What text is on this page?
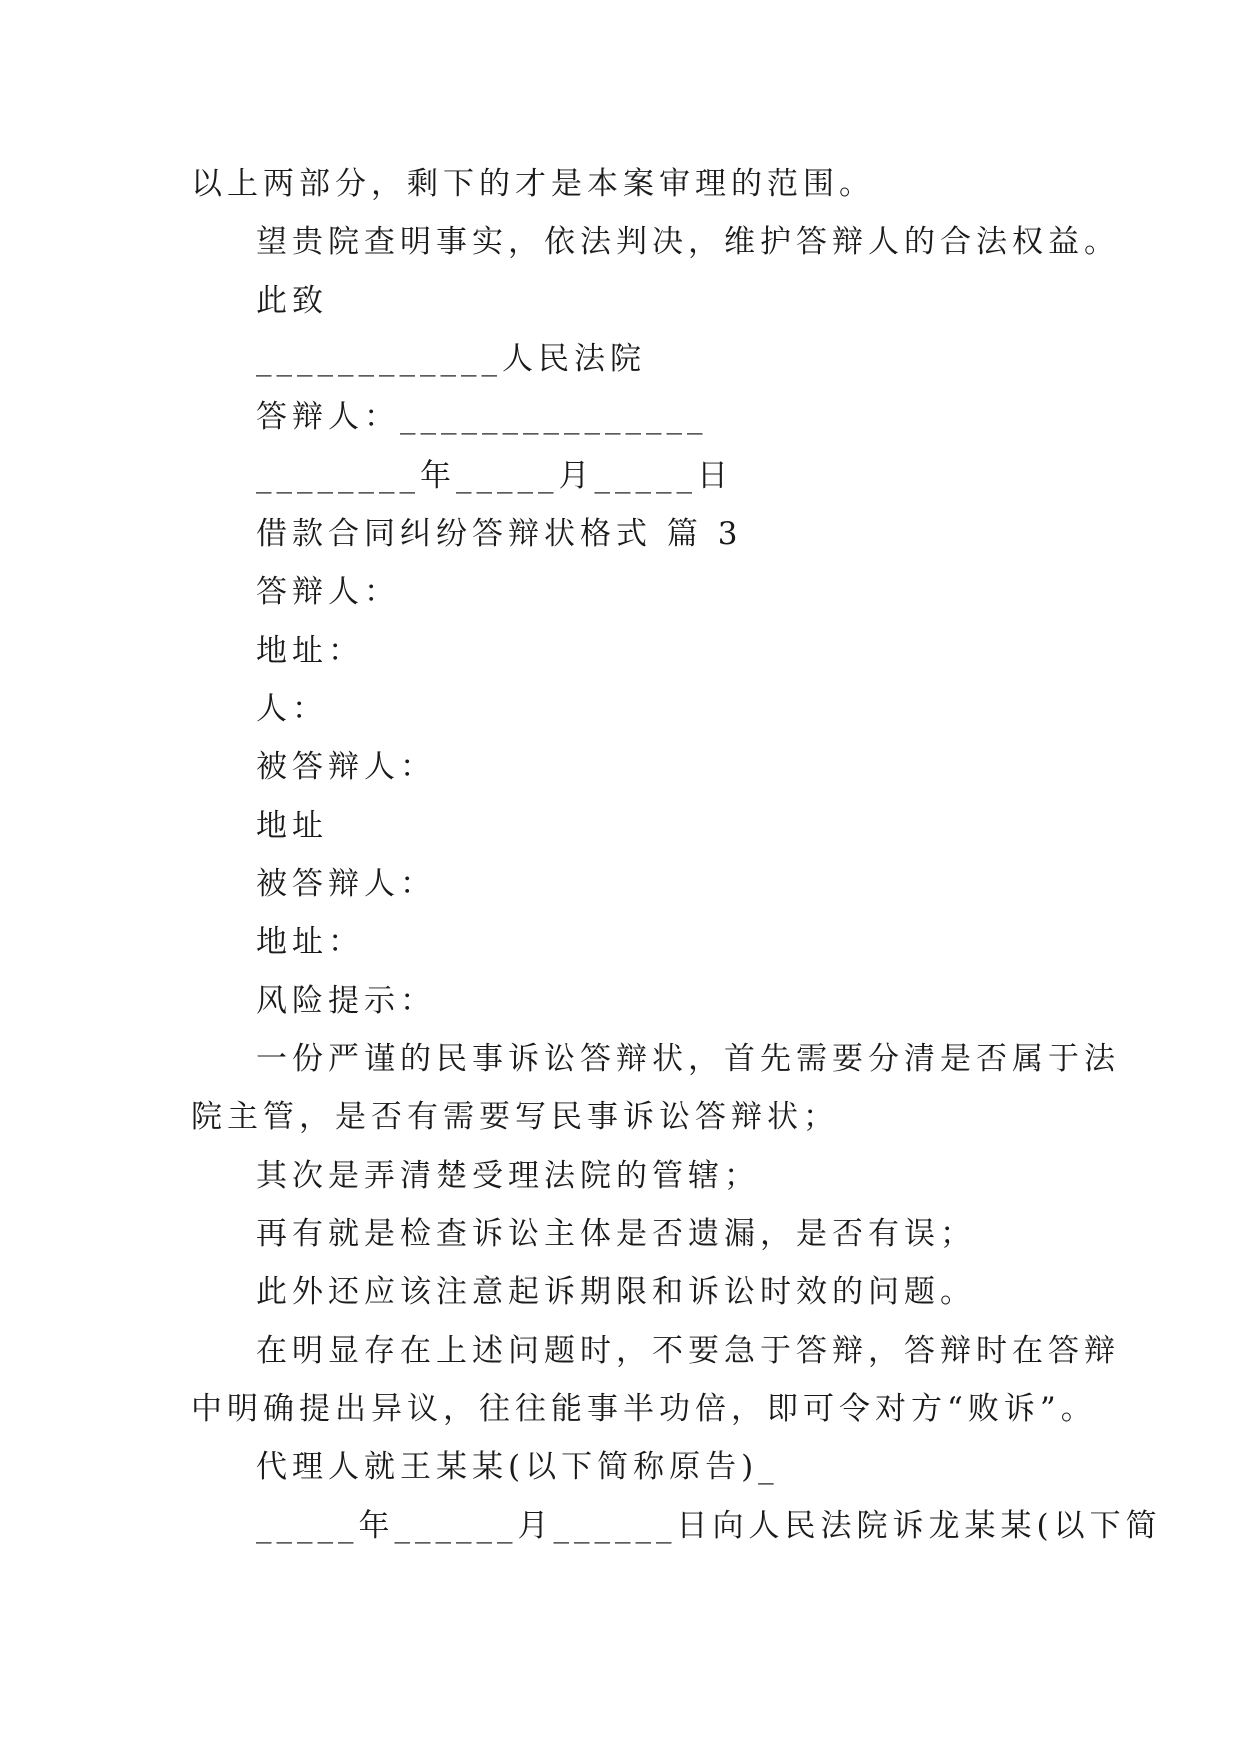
以上两部分，剩下的才是本案审理的范围。
望贵院查明事实，依法判决，维护答辩人的合法权益。
此致
____________人民法院
答辩人：_______________
________年_____月_____日
借款合同纠纷答辩状格式 篇 3
答辩人：
地址：
人：
被答辩人：
地址
被答辩人：
地址：
风险提示：
一份严谨的民事诉讼答辩状，首先需要分清是否属于法
院主管，是否有需要写民事诉讼答辩状；
其次是弄清楚受理法院的管辖；
再有就是检查诉讼主体是否遗漏，是否有误；
此外还应该注意起诉期限和诉讼时效的问题。
在明显存在上述问题时，不要急于答辩，答辩时在答辩
中明确提出异议，往往能事半功倍，即可令对方“败诉”。
代理人就王某某(以下简称原告)_
_____年______月______日向人民法院诉龙某某(以下简
